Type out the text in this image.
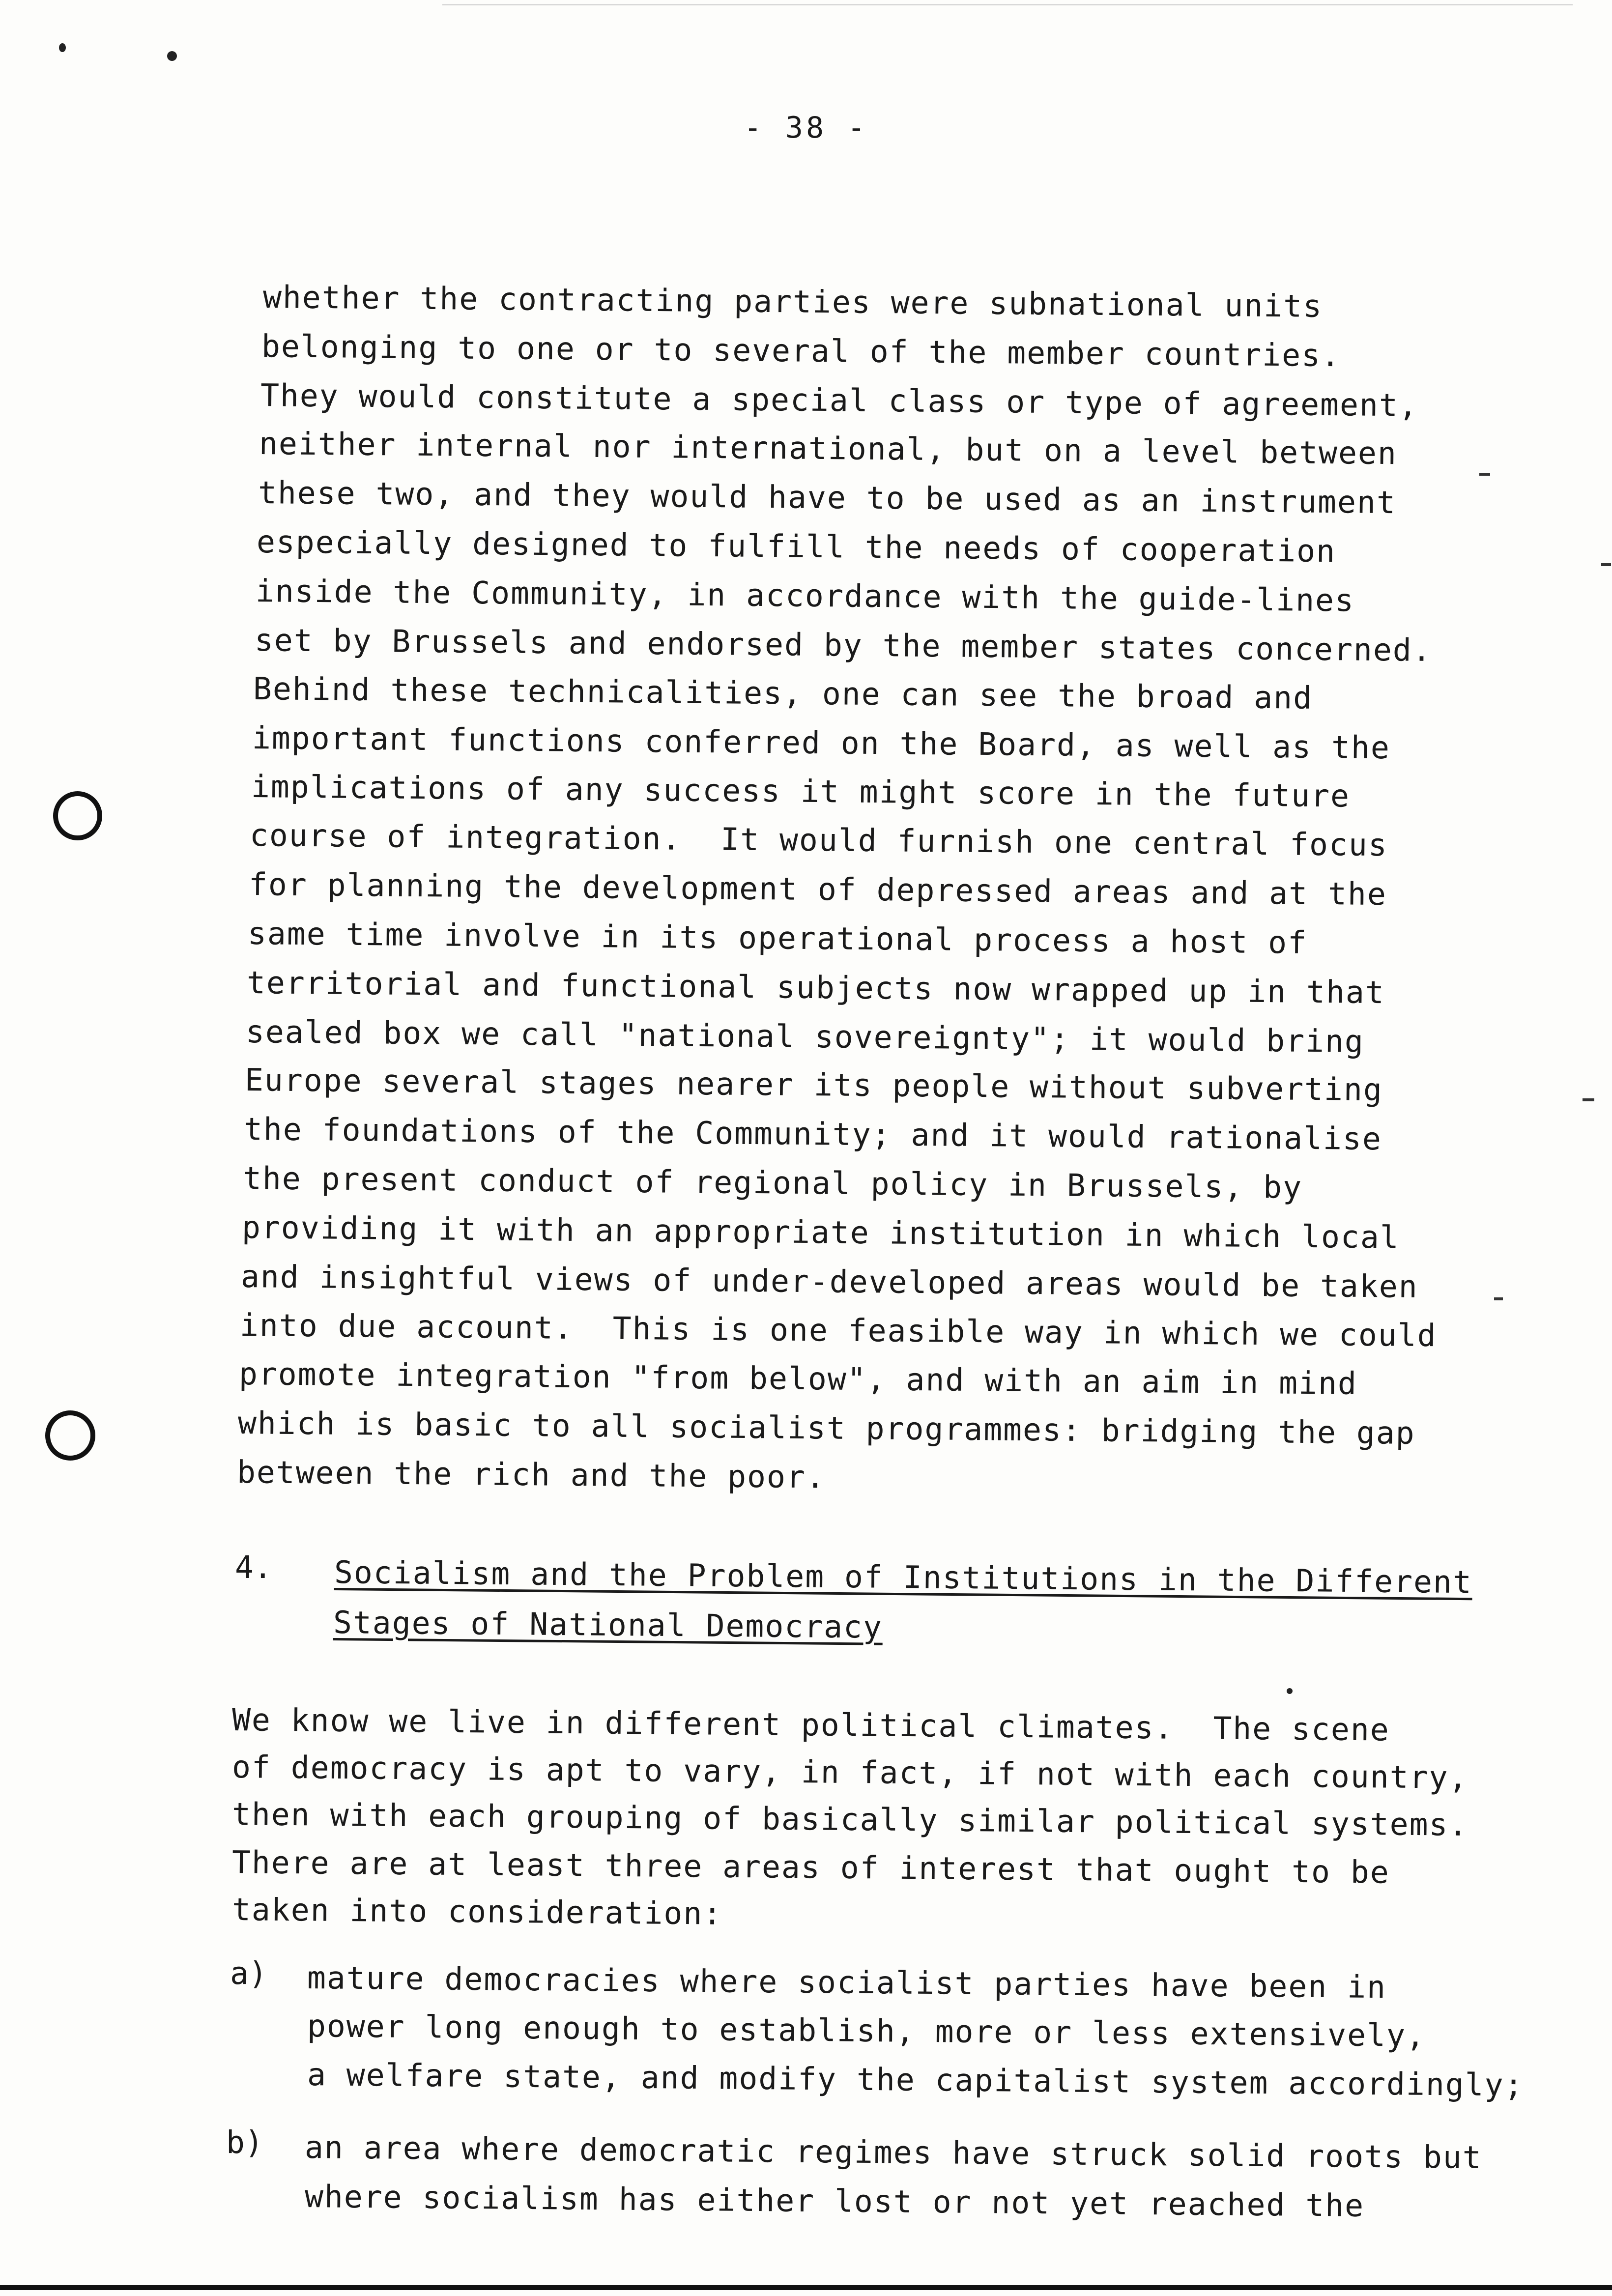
- 38 -
whether the contracting parties were subnational units
belonging to one or to several of the member countries.
They would constitute a special class or type of agreement,
neither internal nor international, but on a level between
these two, and they would have to be used as an instrument
especially designed to fulfill the needs of cooperation
inside the Community, in accordance with the guide-lines
set by Brussels and endorsed by the member states concerned.
Behind these technicalities, one can see the broad and
important functions conferred on the Board, as well as the
implications of any success it might score in the future
course of integration.  It would furnish one central focus
for planning the development of depressed areas and at the
same time involve in its operational process a host of
territorial and functional subjects now wrapped up in that
sealed box we call "national sovereignty"; it would bring
Europe several stages nearer its people without subverting
the foundations of the Community; and it would rationalise
the present conduct of regional policy in Brussels, by
providing it with an appropriate institution in which local
and insightful views of under-developed areas would be taken
into due account.  This is one feasible way in which we could
promote integration "from below", and with an aim in mind
which is basic to all socialist programmes: bridging the gap
between the rich and the poor.
4. Socialism and the Problem of Institutions in the Different
Stages of National Democracy
We know we live in different political climates.  The scene
of democracy is apt to vary, in fact, if not with each country,
then with each grouping of basically similar political systems.
There are at least three areas of interest that ought to be
taken into consideration:
a) mature democracies where socialist parties have been in
power long enough to establish, more or less extensively,
a welfare state, and modify the capitalist system accordingly;
b) an area where democratic regimes have struck solid roots but
where socialism has either lost or not yet reached the
